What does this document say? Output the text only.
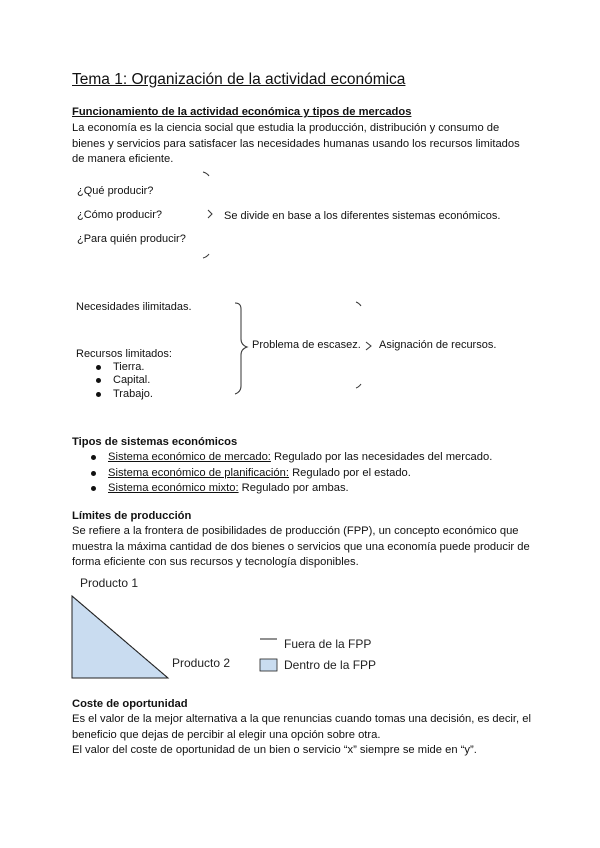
Tema 1: Organización de la actividad económica
Funcionamiento de la actividad económica y tipos de mercados
La economía es la ciencia social que estudia la producción, distribución y consumo de
bienes y servicios para satisfacer las necesidades humanas usando los recursos limitados
de manera eficiente.
¿Qué producir?
¿Cómo producir?
¿Para quién producir?
Se divide en base a los diferentes sistemas económicos.
Necesidades ilimitadas.
Recursos limitados:
Tierra.
Capital.
Trabajo.
Problema de escasez. Asignación de recursos.
Tipos de sistemas económicos
Sistema económico de mercado: Regulado por las necesidades del mercado.
Sistema económico de planificación: Regulado por el estado.
Sistema económico mixto: Regulado por ambas.
Límites de producción
Se refiere a la frontera de posibilidades de producción (FPP), un concepto económico que
muestra la máxima cantidad de dos bienes o servicios que una economía puede producir de
forma eficiente con sus recursos y tecnología disponibles.
Producto 1
Producto 2
Fuera de la FPP
Dentro de la FPP
Coste de oportunidad
Es el valor de la mejor alternativa a la que renuncias cuando tomas una decisión, es decir, el
beneficio que dejas de percibir al elegir una opción sobre otra.
El valor del coste de oportunidad de un bien o servicio “x” siempre se mide en “y”.
